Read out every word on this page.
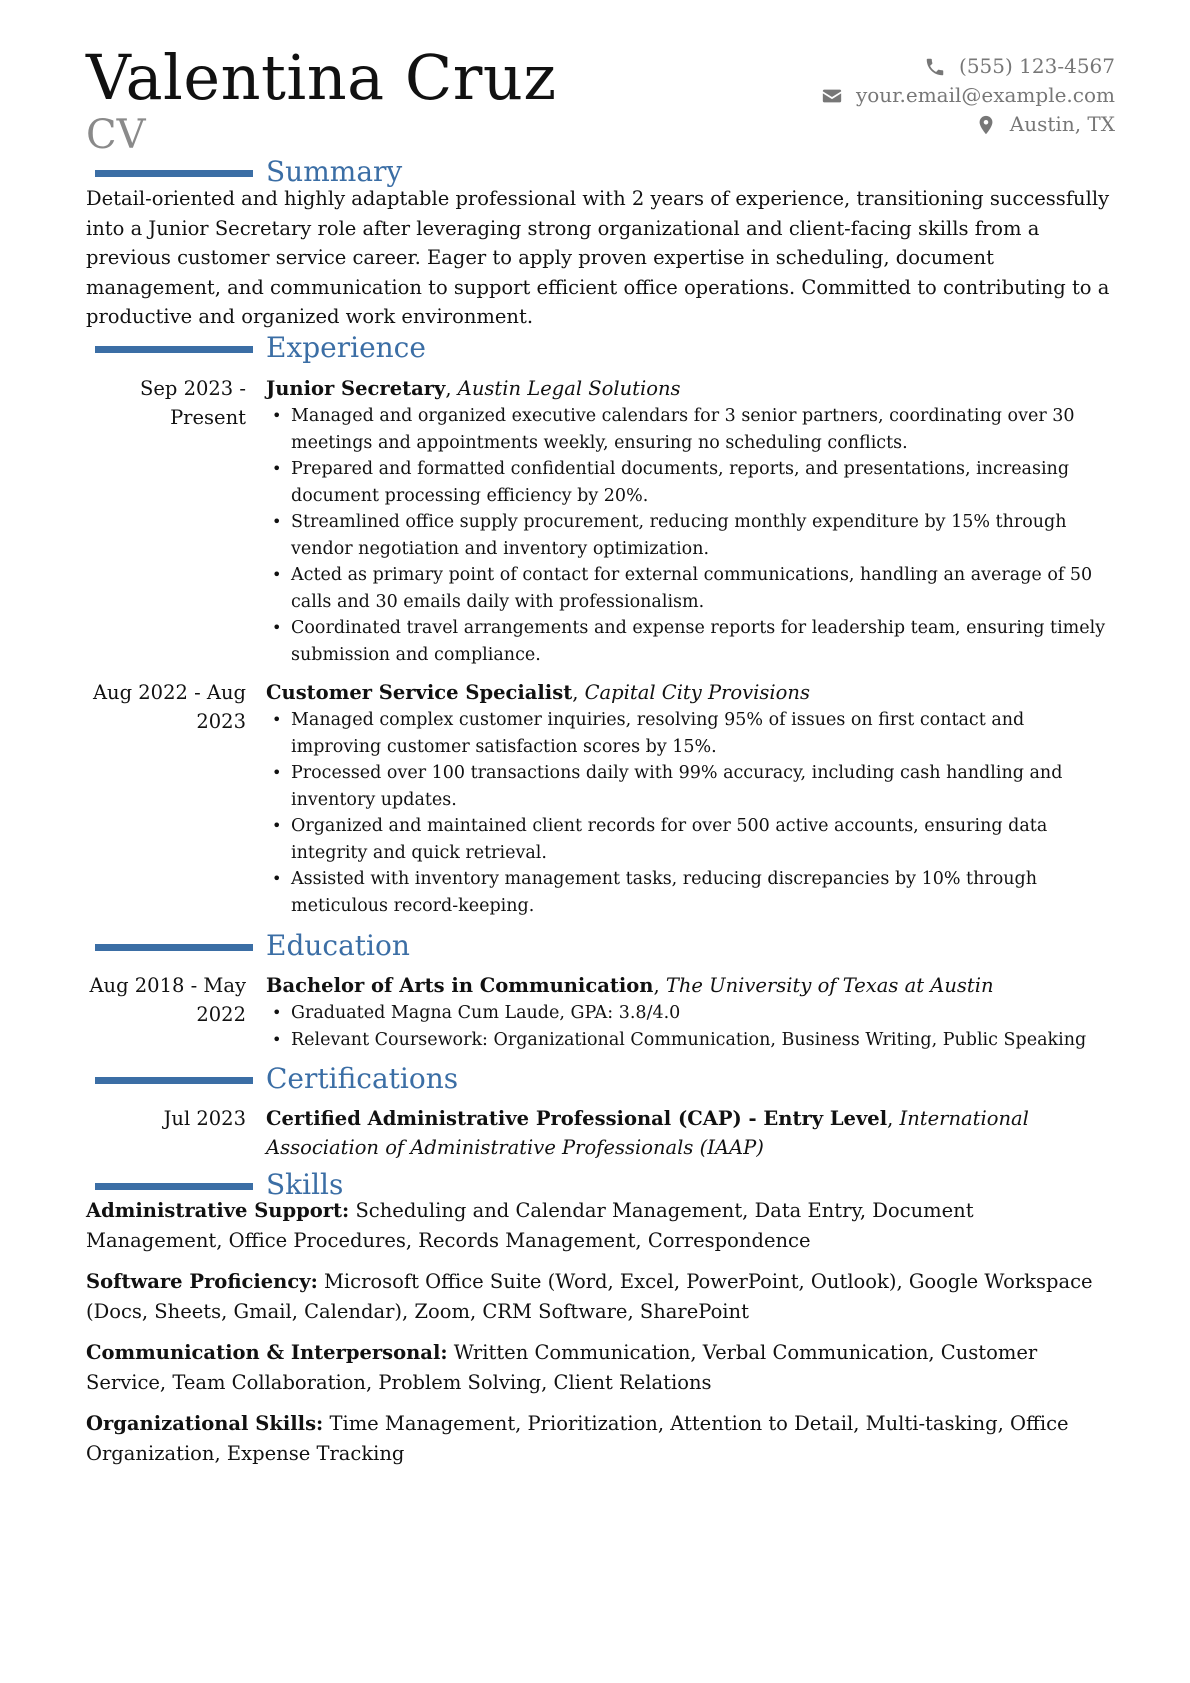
Valentina Cruz
CV
(555) 123-4567
your.email@example.com
Austin, TX
Summary

Detail-oriented and highly adaptable professional with 2 years of experience, transitioning successfully into a Junior Secretary role after leveraging strong organizational and client-facing skills from a previous customer service career. Eager to apply proven expertise in scheduling, document management, and communication to support efficient office operations. Committed to contributing to a productive and organized work environment.

Experience
Sep 2023 - Present

Junior Secretary, Austin Legal Solutions

• Managed and organized executive calendars for 3 senior partners, coordinating over 30 meetings and appointments weekly, ensuring no scheduling conflicts.
• Prepared and formatted confidential documents, reports, and presentations, increasing document processing efficiency by 20%.
• Streamlined office supply procurement, reducing monthly expenditure by 15% through vendor negotiation and inventory optimization.
• Acted as primary point of contact for external communications, handling an average of 50 calls and 30 emails daily with professionalism.
• Coordinated travel arrangements and expense reports for leadership team, ensuring timely submission and compliance.
Aug 2022 - Aug 2023

Customer Service Specialist, Capital City Provisions

• Managed complex customer inquiries, resolving 95% of issues on first contact and improving customer satisfaction scores by 15%.
• Processed over 100 transactions daily with 99% accuracy, including cash handling and inventory updates.
• Organized and maintained client records for over 500 active accounts, ensuring data integrity and quick retrieval.
• Assisted with inventory management tasks, reducing discrepancies by 10% through meticulous record-keeping.
Education
Aug 2018 - May 2022

Bachelor of Arts in Communication, The University of Texas at Austin

• Graduated Magna Cum Laude, GPA: 3.8/4.0
• Relevant Coursework: Organizational Communication, Business Writing, Public Speaking
Certifications
Jul 2023 Certified Administrative Professional (CAP) - Entry Level, International Association of Administrative Professionals (IAAP)

Skills

Administrative Support: Scheduling and Calendar Management, Data Entry, Document Management, Office Procedures, Records Management, Correspondence

Software Proficiency: Microsoft Office Suite (Word, Excel, PowerPoint, Outlook), Google Workspace (Docs, Sheets, Gmail, Calendar), Zoom, CRM Software, SharePoint

Communication & Interpersonal: Written Communication, Verbal Communication, Customer Service, Team Collaboration, Problem Solving, Client Relations

Organizational Skills: Time Management, Prioritization, Attention to Detail, Multi-tasking, Office Organization, Expense Tracking
